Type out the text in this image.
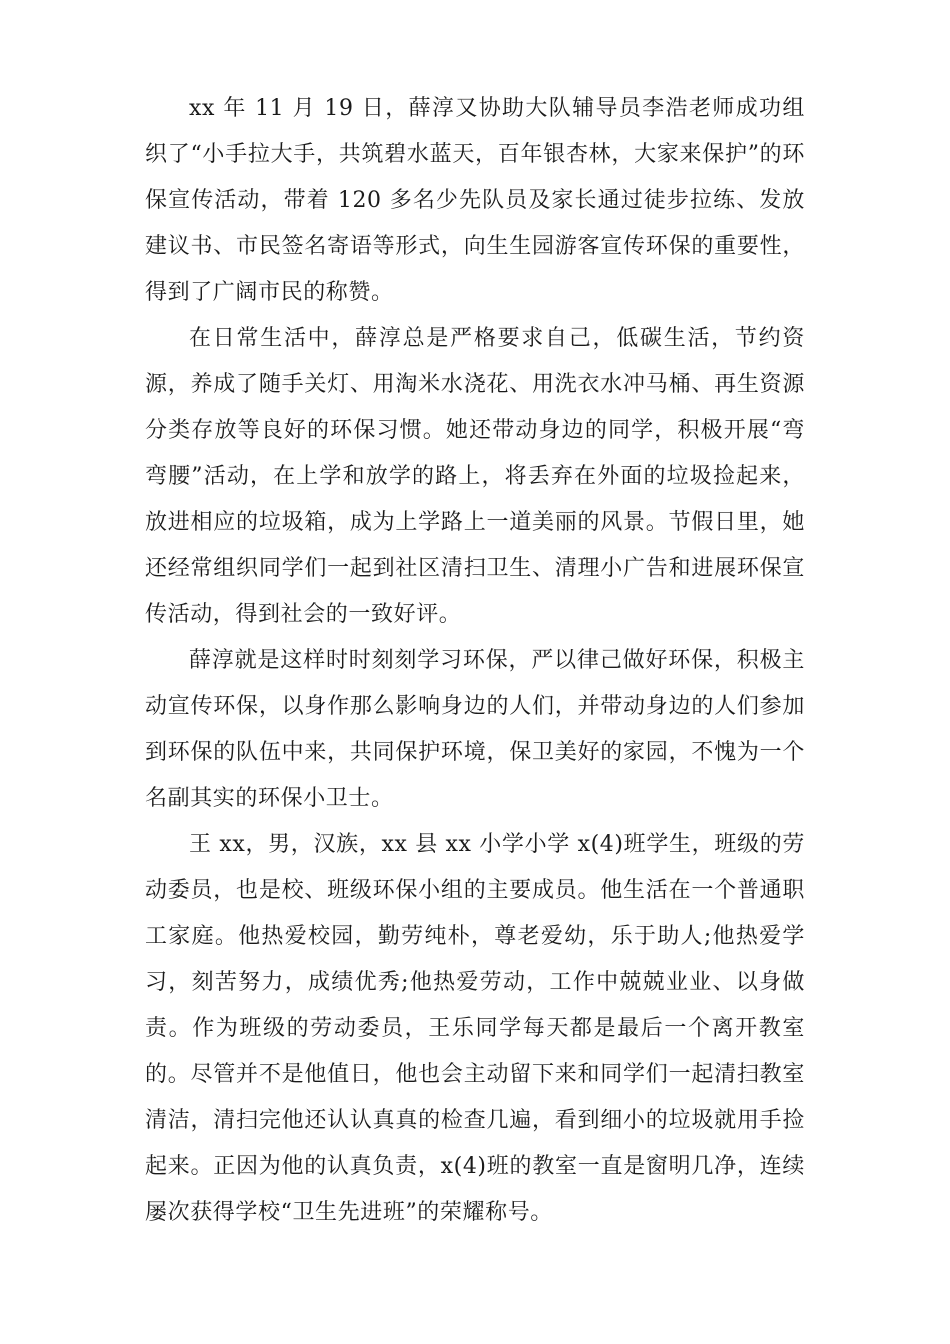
xx 年 11 月 19 日，薛淳又协助大队辅导员李浩老师成功组织了“小手拉大手，共筑碧水蓝天，百年银杏林，大家来保护”的环保宣传活动，带着 120 多名少先队员及家长通过徒步拉练、发放建议书、市民签名寄语等形式，向生生园游客宣传环保的重要性，得到了广阔市民的称赞。

在日常生活中，薛淳总是严格要求自己，低碳生活，节约资源，养成了随手关灯、用淘米水浇花、用洗衣水冲马桶、再生资源分类存放等良好的环保习惯。她还带动身边的同学，积极开展“弯弯腰”活动，在上学和放学的路上，将丢弃在外面的垃圾捡起来，放进相应的垃圾箱，成为上学路上一道美丽的风景。节假日里，她还经常组织同学们一起到社区清扫卫生、清理小广告和进展环保宣传活动，得到社会的一致好评。

薛淳就是这样时时刻刻学习环保，严以律己做好环保，积极主动宣传环保，以身作那么影响身边的人们，并带动身边的人们参加到环保的队伍中来，共同保护环境，保卫美好的家园，不愧为一个名副其实的环保小卫士。

王 xx，男，汉族，xx 县 xx 小学小学 x(4)班学生，班级的劳动委员，也是校、班级环保小组的主要成员。他生活在一个普通职工家庭。他热爱校园，勤劳纯朴，尊老爱幼，乐于助人;他热爱学习，刻苦努力，成绩优秀;他热爱劳动，工作中兢兢业业、以身做责。作为班级的劳动委员，王乐同学每天都是最后一个离开教室的。尽管并不是他值日，他也会主动留下来和同学们一起清扫教室清洁，清扫完他还认认真真的检查几遍，看到细小的垃圾就用手捡起来。正因为他的认真负责，x(4)班的教室一直是窗明几净，连续屡次获得学校“卫生先进班”的荣耀称号。
